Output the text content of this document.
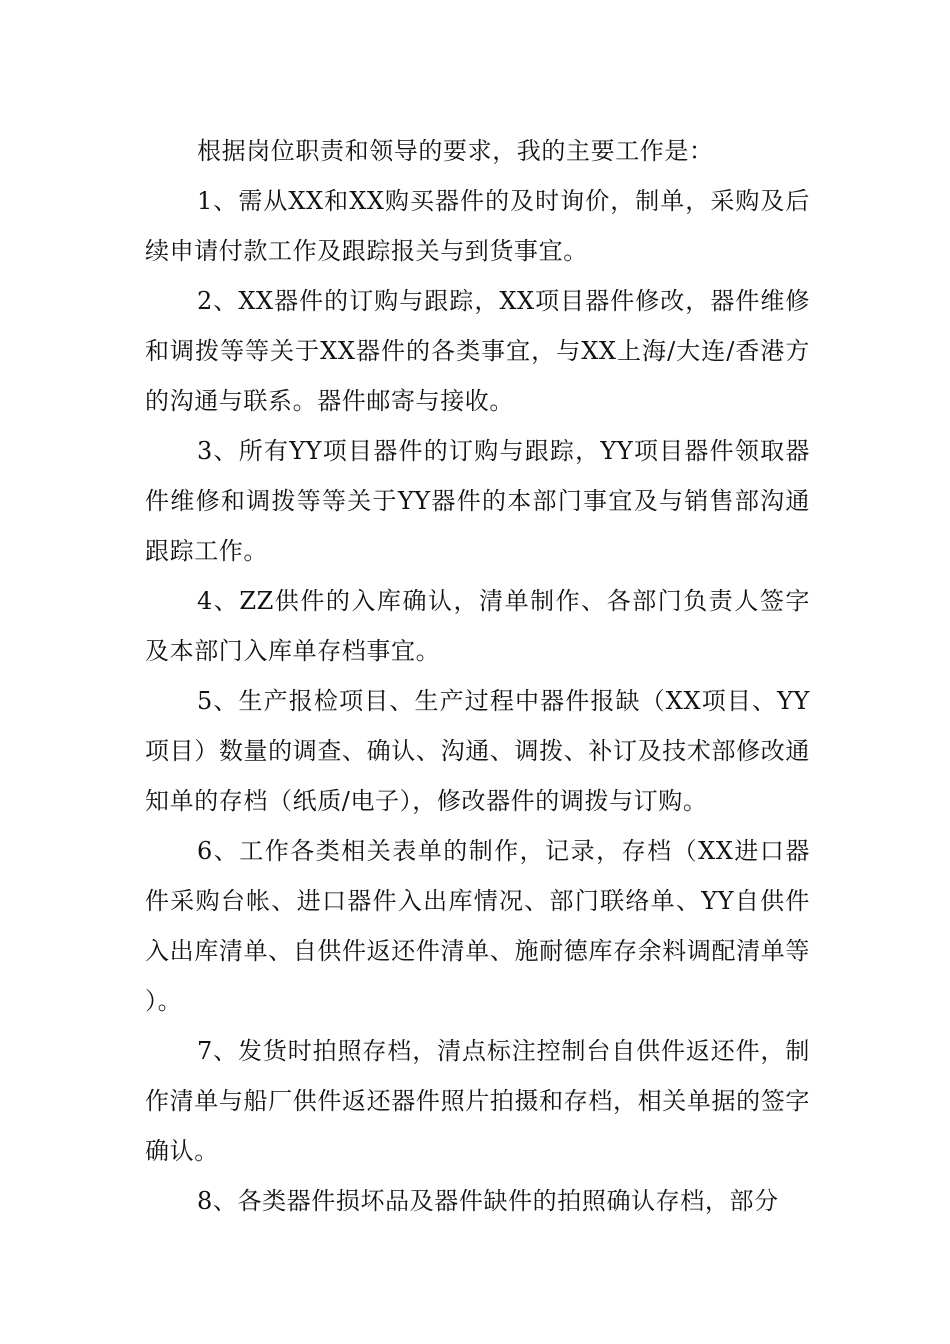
根据岗位职责和领导的要求，我的主要工作是：

1、需从XX和XX购买器件的及时询价，制单，采购及后续申请付款工作及跟踪报关与到货事宜。

2、XX器件的订购与跟踪，XX项目器件修改，器件维修和调拨等等关于XX器件的各类事宜，与XX上海/大连/香港方的沟通与联系。器件邮寄与接收。

3、所有YY项目器件的订购与跟踪，YY项目器件领取器件维修和调拨等等关于YY器件的本部门事宜及与销售部沟通跟踪工作。

4、ZZ供件的入库确认，清单制作、各部门负责人签字及本部门入库单存档事宜。

5、生产报检项目、生产过程中器件报缺（XX项目、YY项目）数量的调查、确认、沟通、调拨、补订及技术部修改通知单的存档（纸质/电子），修改器件的调拨与订购。

6、工作各类相关表单的制作，记录，存档（XX进口器件采购台帐、进口器件入出库情况、部门联络单、YY自供件入出库清单、自供件返还件清单、施耐德库存余料调配清单等）。

7、发货时拍照存档，清点标注控制台自供件返还件，制作清单与船厂供件返还器件照片拍摄和存档，相关单据的签字确认。

8、各类器件损坏品及器件缺件的拍照确认存档，部分
